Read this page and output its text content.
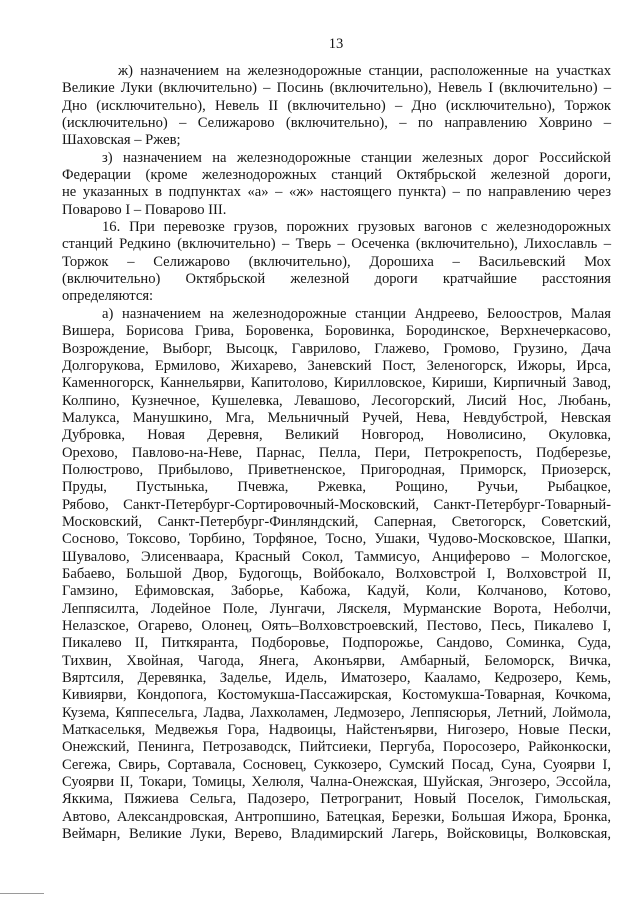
13
ж) назначением на железнодорожные станции, расположенные на участках
Великие Луки (включительно) – Посинь (включительно), Невель I (включительно) –
Дно (исключительно), Невель II (включительно) – Дно (исключительно), Торжок
(исключительно) – Селижарово (включительно), – по направлению Ховрино –
Шаховская – Ржев;
з) назначением на железнодорожные станции железных дорог Российской
Федерации (кроме железнодорожных станций Октябрьской железной дороги,
не указанных в подпунктах «а» – «ж» настоящего пункта) – по направлению через
Поварово I – Поварово III.
16. При перевозке грузов, порожних грузовых вагонов с железнодорожных
станций Редкино (включительно) – Тверь – Осеченка (включительно), Лихославль –
Торжок – Селижарово (включительно), Дорошиха – Васильевский Мох
(включительно) Октябрьской железной дороги кратчайшие расстояния
определяются:
а) назначением на железнодорожные станции Андреево, Белоостров, Малая
Вишера, Борисова Грива, Боровенка, Боровинка, Бородинское, Верхнечеркасово,
Возрождение, Выборг, Высоцк, Гаврилово, Глажево, Громово, Грузино, Дача
Долгорукова, Ермилово, Жихарево, Заневский Пост, Зеленогорск, Ижоры, Ирса,
Каменногорск, Каннельярви, Капитолово, Кирилловское, Кириши, Кирпичный Завод,
Колпино, Кузнечное, Кушелевка, Левашово, Лесогорский, Лисий Нос, Любань,
Малукса, Манушкино, Мга, Мельничный Ручей, Нева, Невдубстрой, Невская
Дубровка, Новая Деревня, Великий Новгород, Новолисино, Окуловка,
Орехово, Павлово-на-Неве, Парнас, Пелла, Пери, Петрокрепость, Подберезье,
Полюстрово, Прибылово, Приветненское, Пригородная, Приморск, Приозерск,
Пруды, Пустынька, Пчевжа, Ржевка, Рощино, Ручьи, Рыбацкое,
Рябово, Санкт-Петербург-Сортировочный-Московский, Санкт-Петербург-Товарный-
Московский, Санкт-Петербург-Финляндский, Саперная, Светогорск, Советский,
Сосново, Токсово, Торбино, Торфяное, Тосно, Ушаки, Чудово-Московское, Шапки,
Шувалово, Элисенваара, Красный Сокол, Таммисуо, Анциферово – Мологское,
Бабаево, Большой Двор, Будогощь, Войбокало, Волховстрой I, Волховстрой II,
Гамзино, Ефимовская, Заборье, Кабожа, Кадуй, Коли, Колчаново, Котово,
Леппясилта, Лодейное Поле, Лунгачи, Ляскеля, Мурманские Ворота, Неболчи,
Нелазское, Огарево, Олонец, Оять–Волховстроевский, Пестово, Песь, Пикалево I,
Пикалево II, Питкяранта, Подборовье, Подпорожье, Сандово, Соминка, Суда,
Тихвин, Хвойная, Чагода, Янега, Аконъярви, Амбарный, Беломорск, Вичка,
Вяртсиля, Деревянка, Заделье, Идель, Иматозеро, Кааламо, Кедрозеро, Кемь,
Кивиярви, Кондопога, Костомукша-Пассажирская, Костомукша-Товарная, Кочкома,
Кузема, Кяппесельга, Ладва, Лахколамен, Ледмозеро, Леппясюрья, Летний, Лоймола,
Маткаселькя, Медвежья Гора, Надвоицы, Найстенъярви, Нигозеро, Новые Пески,
Онежский, Пенинга, Петрозаводск, Пийтсиеки, Пергуба, Поросозеро, Райконкоски,
Сегежа, Свирь, Сортавала, Сосновец, Суккозеро, Сумский Посад, Суна, Суоярви I,
Суоярви II, Токари, Томицы, Хелюля, Чална-Онежская, Шуйская, Энгозеро, Эссойла,
Яккима, Пяжиева Сельга, Падозеро, Петрогранит, Новый Поселок, Гимольская,
Автово, Александровская, Антропшино, Батецкая, Березки, Большая Ижора, Бронка,
Веймарн, Великие Луки, Верево, Владимирский Лагерь, Войсковицы, Волковская,
